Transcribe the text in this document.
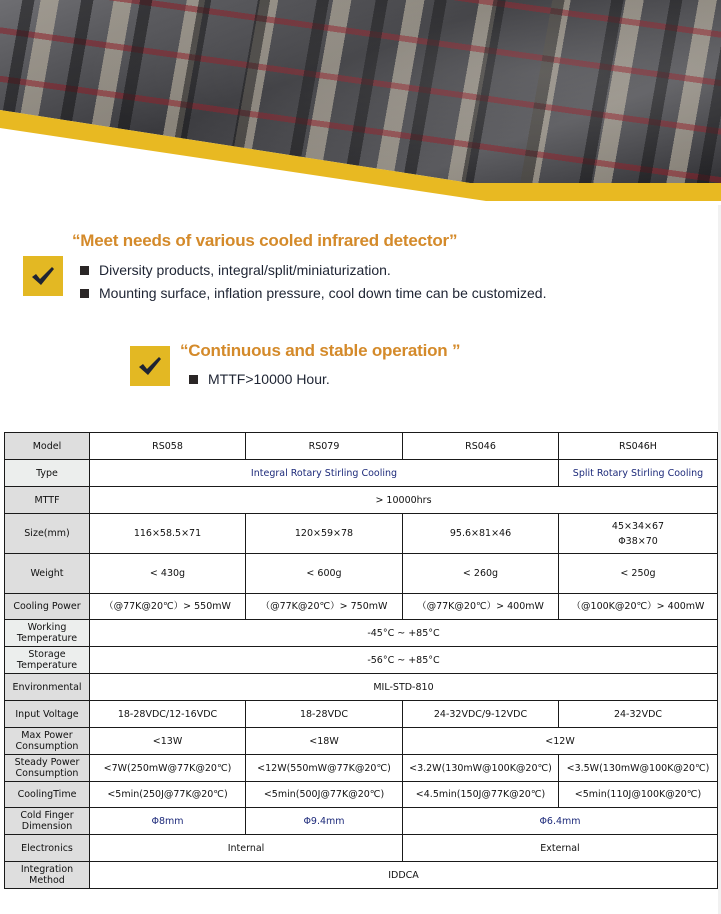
“Meet needs of various cooled infrared detector”
Diversity products, integral/split/miniaturization.
Mounting surface, inflation pressure, cool down time can be customized.
“Continuous and stable operation ”
MTTF>10000 Hour.
Model	RS058	RS079	RS046	RS046H
Type	Integral Rotary Stirling Cooling			Split Rotary Stirling Cooling

MTTF	> 10000hrs			

Size(mm)	116×58.5×71	120×59×78	95.6×81×46	45×34×67
Φ38×70

Weight	< 430g	< 600g	< 260g	< 250g

Cooling Power	（@77K@20℃）> 550mW	（@77K@20℃）> 750mW	（@77K@20℃）> 400mW	（@100K@20℃）> 400mW

Working Temperature	-45°C ~ +85°C			

Storage Temperature	-56°C ~ +85°C			

Environmental	MIL-STD-810			

Input Voltage	18-28VDC/12-16VDC	18-28VDC	24-32VDC/9-12VDC	24-32VDC

Max Power Consumption	<13W	<18W	<12W	

Steady Power Consumption	<7W(250mW@77K@20℃)	<12W(550mW@77K@20℃)	<3.2W(130mW@100K@20℃)	<3.5W(130mW@100K@20℃)

CoolingTime	<5min(250J@77K@20℃)	<5min(500J@77K@20℃)	<4.5min(150J@77K@20℃)	<5min(110J@100K@20℃)

Cold Finger Dimension	Φ8mm	Φ9.4mm	Φ6.4mm	

Electronics	Internal		External	

Integration Method	IDDCA			
